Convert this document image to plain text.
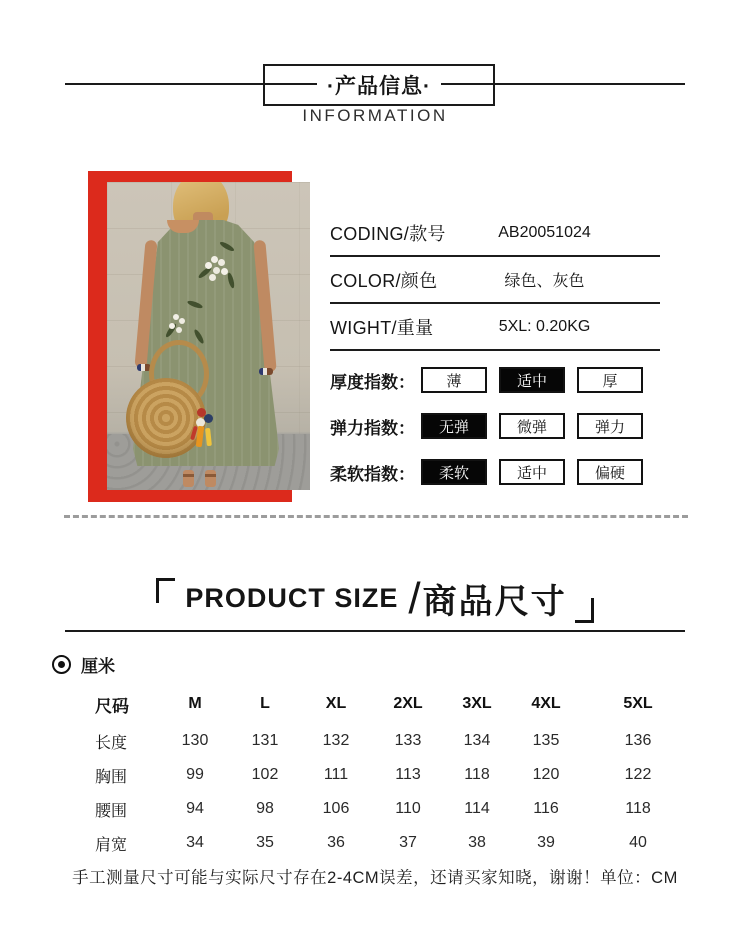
·产品信息·
INFORMATION
CODING/款号	AB20051024
COLOR/颜色	绿色、灰色
WIGHT/重量	5XL: 0.20KG
厚度指数：	薄	适中	厚
弹力指数：	无弹	微弹	弹力
柔软指数：	柔软	适中	偏硬
PRODUCT SIZE / 商品尺寸
厘米
尺码	M	L	XL	2XL	3XL	4XL	5XL
长度	130	131	132	133	134	135	136
胸围	99	102	111	113	118	120	122
腰围	94	98	106	110	114	116	118
肩宽	34	35	36	37	38	39	40
手工测量尺寸可能与实际尺寸存在2-4CM误差，还请买家知晓，谢谢！单位：CM
